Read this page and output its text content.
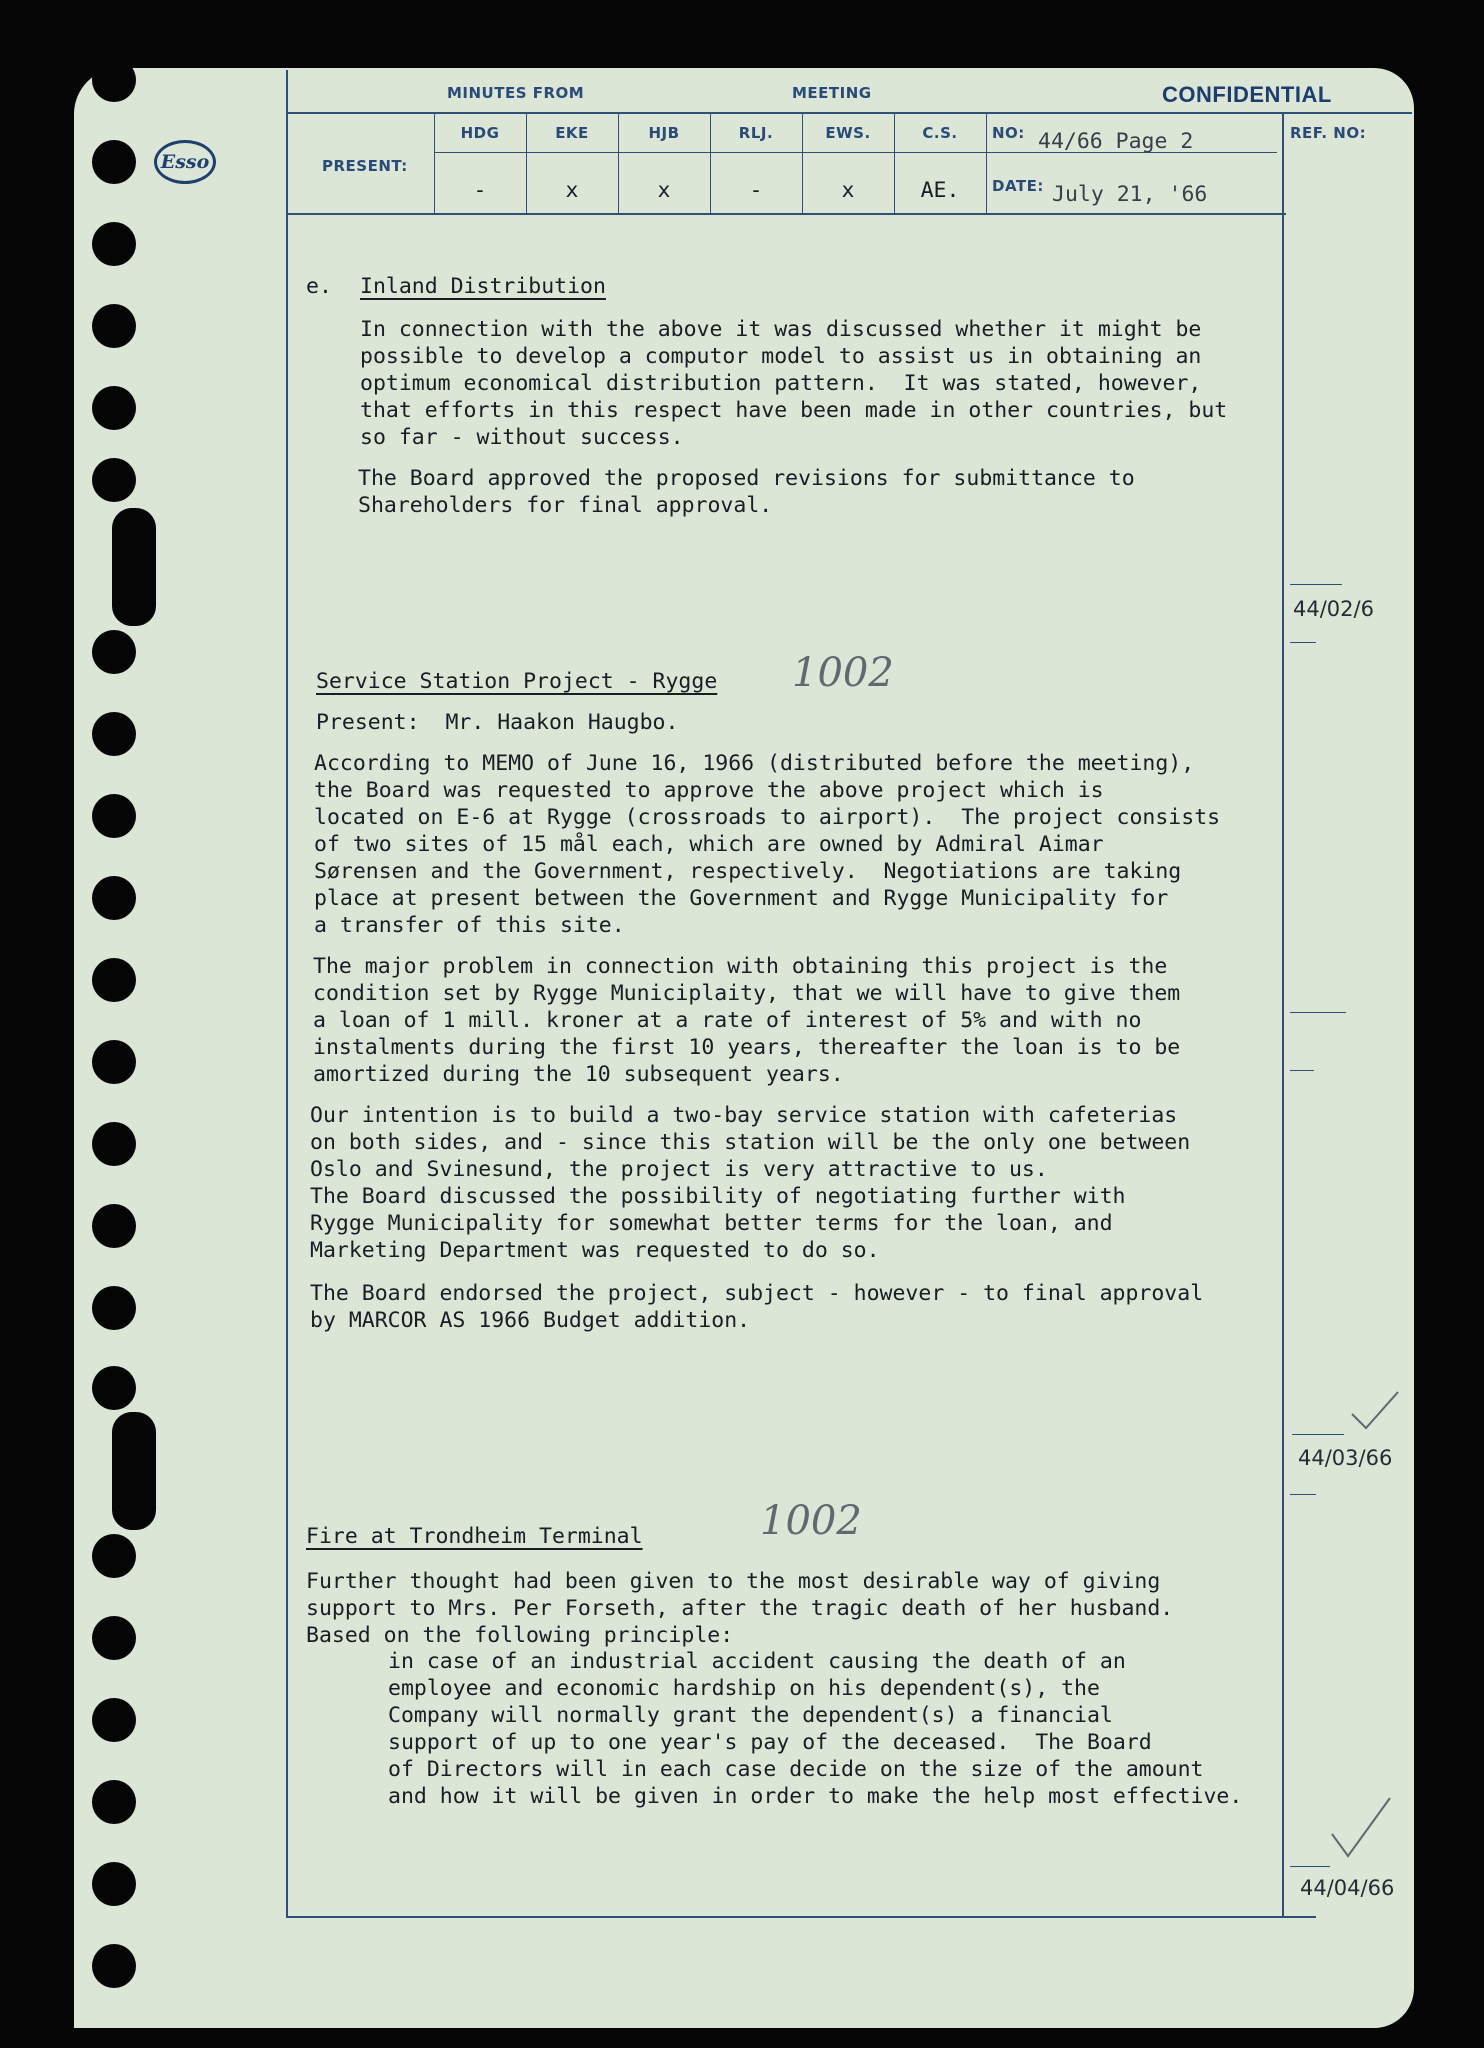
Esso
MINUTES FROM	MEETING	CONFIDENTIAL
PRESENT:
HDG	EKE	HJB	RLJ.	EWS.	C.S.
-	x	x	-	x	AE.
NO: 44/66 Page 2
DATE: July 21, '66
REF. NO:
e. Inland Distribution
In connection with the above it was discussed whether it might be
possible to develop a computor model to assist us in obtaining an
optimum economical distribution pattern.  It was stated, however,
that efforts in this respect have been made in other countries, but
so far - without success.
The Board approved the proposed revisions for submittance to
Shareholders for final approval.
44/02/6
44/03/66
44/04/66
Service Station Project - Rygge 1002
Present:  Mr. Haakon Haugbo.
According to MEMO of June 16, 1966 (distributed before the meeting),
the Board was requested to approve the above project which is
located on E-6 at Rygge (crossroads to airport).  The project consists
of two sites of 15 mål each, which are owned by Admiral Aimar
Sørensen and the Government, respectively.  Negotiations are taking
place at present between the Government and Rygge Municipality for
a transfer of this site.
The major problem in connection with obtaining this project is the
condition set by Rygge Municiplaity, that we will have to give them
a loan of 1 mill. kroner at a rate of interest of 5% and with no
instalments during the first 10 years, thereafter the loan is to be
amortized during the 10 subsequent years.
Our intention is to build a two-bay service station with cafeterias
on both sides, and - since this station will be the only one between
Oslo and Svinesund, the project is very attractive to us.
The Board discussed the possibility of negotiating further with
Rygge Municipality for somewhat better terms for the loan, and
Marketing Department was requested to do so.
The Board endorsed the project, subject - however - to final approval
by MARCOR AS 1966 Budget addition.
Fire at Trondheim Terminal	1002
Further thought had been given to the most desirable way of giving
support to Mrs. Per Forseth, after the tragic death of her husband.
Based on the following principle:
in case of an industrial accident causing the death of an
employee and economic hardship on his dependent(s), the
Company will normally grant the dependent(s) a financial
support of up to one year's pay of the deceased.  The Board
of Directors will in each case decide on the size of the amount
and how it will be given in order to make the help most effective.
